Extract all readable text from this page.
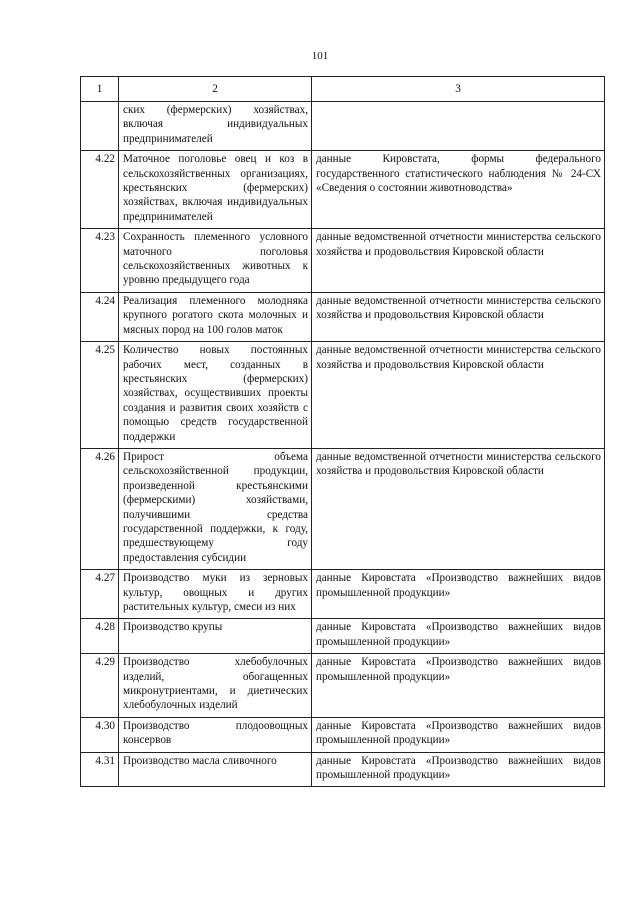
101
1	2	3
	ских (фермерских) хозяйствах, включая индивидуальных предпринимателей	
4.22	Маточное поголовье овец и коз в сельскохозяйственных организациях, крестьянских (фермерских) хозяйствах, включая индивидуальных предпринимателей	данные Кировстата, формы федерального государственного статистического наблюдения № 24-СХ «Сведения о состоянии животноводства»
4.23	Сохранность племенного условного маточного поголовья сельскохозяйственных животных к уровню предыдущего года	данные ведомственной отчетности министерства сельского хозяйства и продовольствия Кировской области
4.24	Реализация племенного молодняка крупного рогатого скота молочных и мясных пород на 100 голов маток	данные ведомственной отчетности министерства сельского хозяйства и продовольствия Кировской области
4.25	Количество новых постоянных рабочих мест, созданных в крестьянских (фермерских) хозяйствах, осуществивших проекты создания и развития своих хозяйств с помощью средств государственной поддержки	данные ведомственной отчетности министерства сельского хозяйства и продовольствия Кировской области
4.26	Прирост объема сельскохозяйственной продукции, произведенной крестьянскими (фермерскими) хозяйствами, получившими средства государственной поддержки, к году, предшествующему году предоставления субсидии	данные ведомственной отчетности министерства сельского хозяйства и продовольствия Кировской области
4.27	Производство муки из зерновых культур, овощных и других растительных культур, смеси из них	данные Кировстата «Производство важнейших видов промышленной продукции»
4.28	Производство крупы	данные Кировстата «Производство важнейших видов промышленной продукции»
4.29	Производство хлебобулочных изделий, обогащенных микронутриентами, и диетических хлебобулочных изделий	данные Кировстата «Производство важнейших видов промышленной продукции»
4.30	Производство плодоовощных консервов	данные Кировстата «Производство важнейших видов промышленной продукции»
4.31	Производство масла сливочного	данные Кировстата «Производство важнейших видов промышленной продукции»
